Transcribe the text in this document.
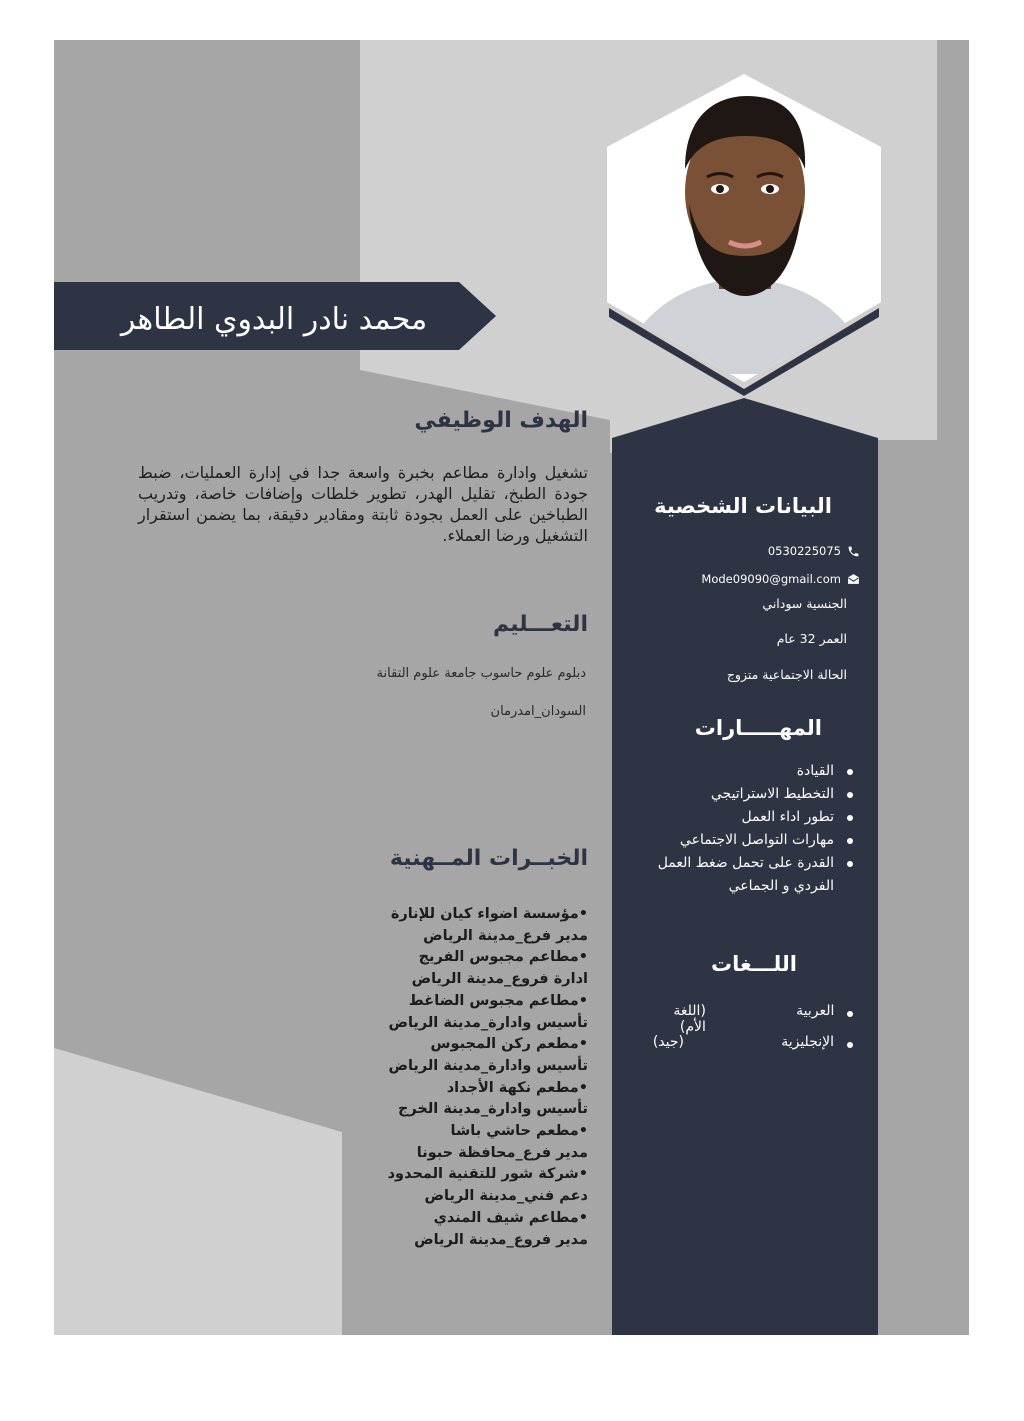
محمد نادر البدوي الطاهر
الهدف الوظيفي
تشغيل وادارة مطاعم بخبرة واسعة جدا في إدارة العمليات، ضبط جودة الطبخ، تقليل الهدر، تطوير خلطات وإضافات خاصة، وتدريب الطباخين على العمل بجودة ثابتة ومقادير دقيقة، بما يضمن استقرار التشغيل ورضا العملاء.
التعـــليم
دبلوم علوم حاسوب جامعة علوم التقانة
السودان_امدرمان
الخبــرات المــهنية
•مؤسسة اضواء كيان للإنارة
مدير فرع_مدينة الرياض
•مطاعم مجبوس الفريج
ادارة فروع_مدينة الرياض
•مطاعم مجبوس الضاغط
تأسيس وادارة_مدينة الرياض
•مطعم ركن المجبوس
تأسيس وادارة_مدينة الرياض
•مطعم نكهة الأجداد
تأسيس وادارة_مدينة الخرج
•مطعم حاشي باشا
مدير فرع_محافظة حبونا
•شركة شور للتقنية المحدود
دعم فني_مدينة الرياض
•مطاعم شيف المندي
مدير فروع_مدينة الرياض
البيانات الشخصية
0530225075
Mode09090@gmail.com
الجنسية سوداني
العمر 32 عام
الحالة الاجتماعية متزوج
المهـــــارات
القيادة
التخطيط الاستراتيجي
تطور اداء العمل
مهارات التواصل الاجتماعي
القدرة على تحمل ضغط العمل الفردي و الجماعي
اللـــغات
العربية
(اللغة الأم)
الإنجليزية
(جيد)
